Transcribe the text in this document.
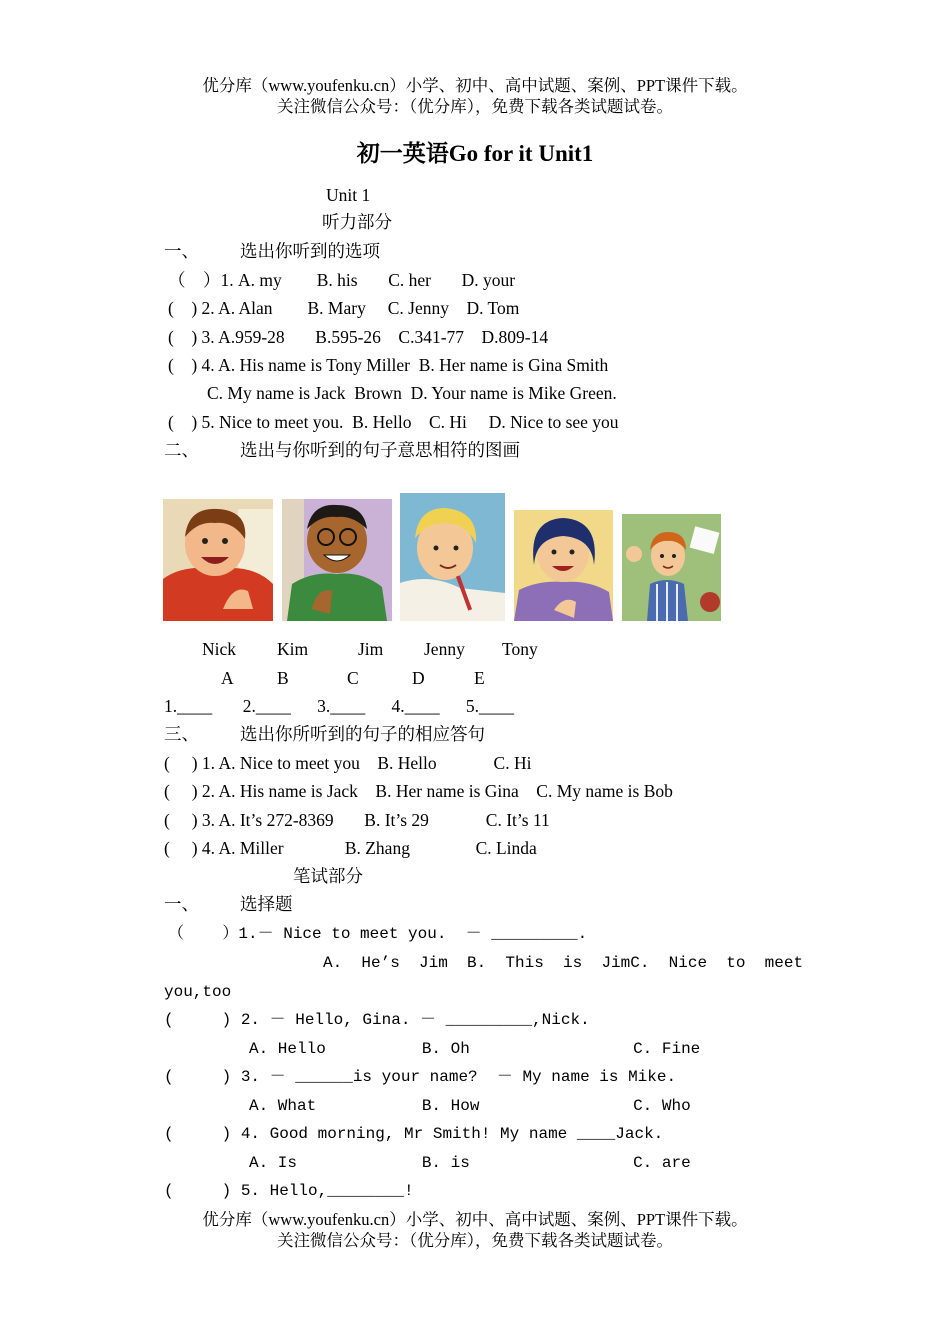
优分库（www.youfenku.cn）小学、初中、高中试题、案例、PPT课件下载。
关注微信公众号：（优分库），免费下载各类试题试卷。
初一英语Go for it Unit1
Unit 1
听力部分
一、 选出你听到的选项
（　）1. A. my        B. his       C. her       D. your
(    ) 2. A. Alan        B. Mary     C. Jenny    D. Tom
(    ) 3. A.959-28       B.595-26    C.341-77    D.809-14
(    ) 4. A. His name is Tony Miller  B. Her name is Gina Smith
C. My name is Jack  Brown  D. Your name is Mike Green.
(    ) 5. Nice to meet you.  B. Hello    C. Hi     D. Nice to see you
二、 选出与你听到的句子意思相符的图画
Nick Kim	Jim Jenny Tony
A B	C	D	E
1.____       2.____      3.____      4.____      5.____
三、 选出你所听到的句子的相应答句
(     ) 1. A. Nice to meet you    B. Hello             C. Hi
(     ) 2. A. His name is Jack    B. Her name is Gina    C. My name is Bob
(     ) 3. A. It’s 272-8369       B. It’s 29             C. It’s 11
(     ) 4. A. Miller              B. Zhang               C. Linda
笔试部分
一、 选择题
（    ）1.－ Nice to meet you.  － _________.
A.  He’s  Jim  B.  This  is  JimC.  Nice  to  meet
you,too
(     ) 2. － Hello, Gina. － _________,Nick.
A. Hello          B. Oh                 C. Fine
(     ) 3. － ______is your name?  － My name is Mike.
A. What           B. How                C. Who
(     ) 4. Good morning, Mr Smith! My name ____Jack.
A. Is             B. is                 C. are
(     ) 5. Hello,________!
优分库（www.youfenku.cn）小学、初中、高中试题、案例、PPT课件下载。
关注微信公众号：（优分库），免费下载各类试题试卷。
